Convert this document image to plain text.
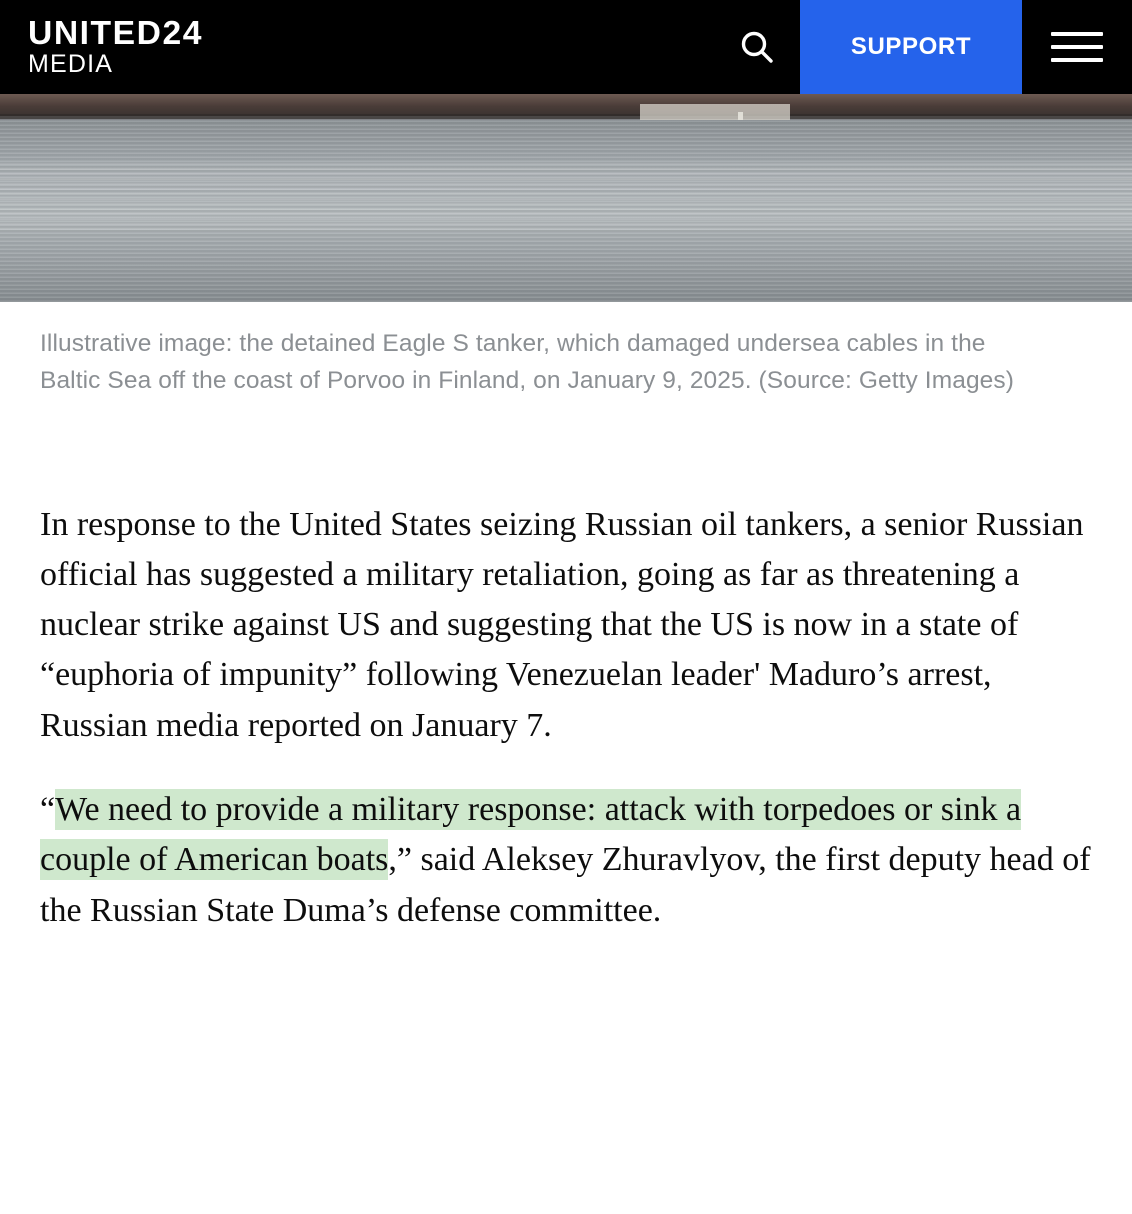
UNITED24
MEDIA
SUPPORT
Illustrative image: the detained Eagle S tanker, which damaged undersea cables in the Baltic Sea off the coast of Porvoo in Finland, on January 9, 2025. (Source: Getty Images)

In response to the United States seizing Russian oil tankers, a senior Russian official has suggested a military retaliation, going as far as threatening a nuclear strike against US and suggesting that the US is now in a state of “euphoria of impunity” following Venezuelan leader' Maduro’s arrest, Russian media reported on January 7.

“We need to provide a military response: attack with torpedoes or sink a couple of American boats,” said Aleksey Zhuravlyov, the first deputy head of the Russian State Duma’s defense committee.
